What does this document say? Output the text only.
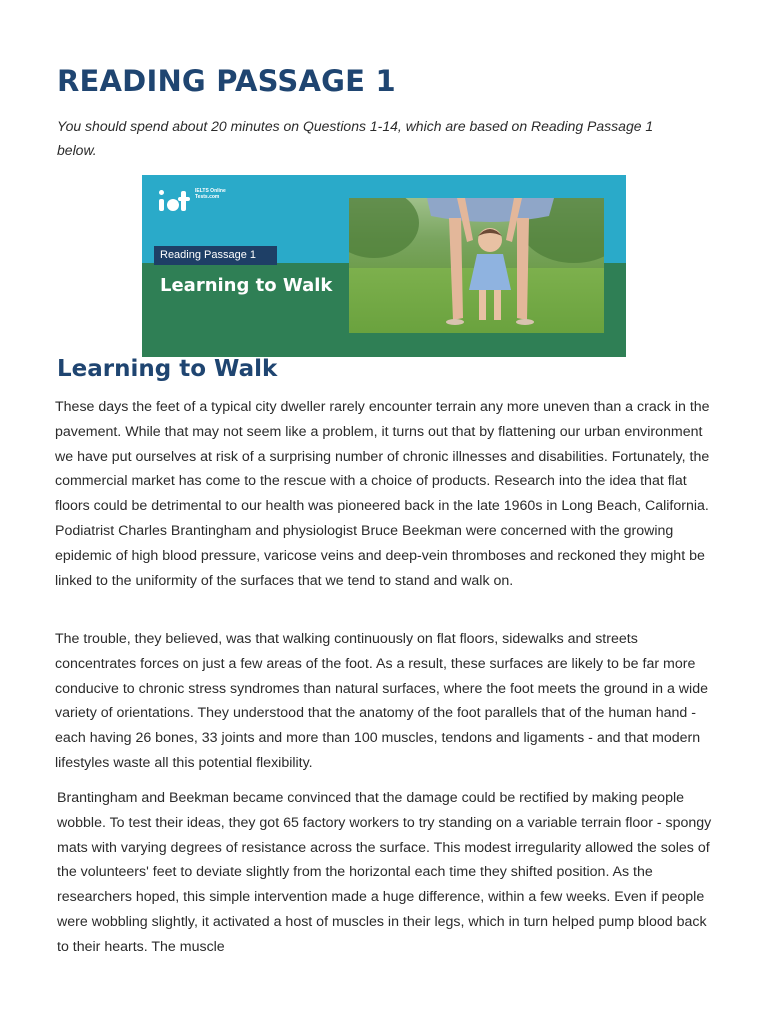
READING PASSAGE 1

You should spend about 20 minutes on Questions 1-14, which are based on Reading Passage 1 below.

IELTS Online Tests.com
Reading Passage 1
Learning to Walk
Learning to Walk

These days the feet of a typical city dweller rarely encounter terrain any more uneven than a crack in the pavement. While that may not seem like a problem, it turns out that by flattening our urban environment we have put ourselves at risk of a surprising number of chronic illnesses and disabilities. Fortunately, the commercial market has come to the rescue with a choice of products. Research into the idea that flat floors could be detrimental to our health was pioneered back in the late 1960s in Long Beach, California. Podiatrist Charles Brantingham and physiologist Bruce Beekman were concerned with the growing epidemic of high blood pressure, varicose veins and deep-vein thromboses and reckoned they might be linked to the uniformity of the surfaces that we tend to stand and walk on.

The trouble, they believed, was that walking continuously on flat floors, sidewalks and streets concentrates forces on just a few areas of the foot. As a result, these surfaces are likely to be far more conducive to chronic stress syndromes than natural surfaces, where the foot meets the ground in a wide variety of orientations. They understood that the anatomy of the foot parallels that of the human hand - each having 26 bones, 33 joints and more than 100 muscles, tendons and ligaments - and that modern lifestyles waste all this potential flexibility.

Brantingham and Beekman became convinced that the damage could be rectified by making people wobble. To test their ideas, they got 65 factory workers to try standing on a variable terrain floor - spongy mats with varying degrees of resistance across the surface. This modest irregularity allowed the soles of the volunteers' feet to deviate slightly from the horizontal each time they shifted position. As the researchers hoped, this simple intervention made a huge difference, within a few weeks. Even if people were wobbling slightly, it activated a host of muscles in their legs, which in turn helped pump blood back to their hearts. The muscle
